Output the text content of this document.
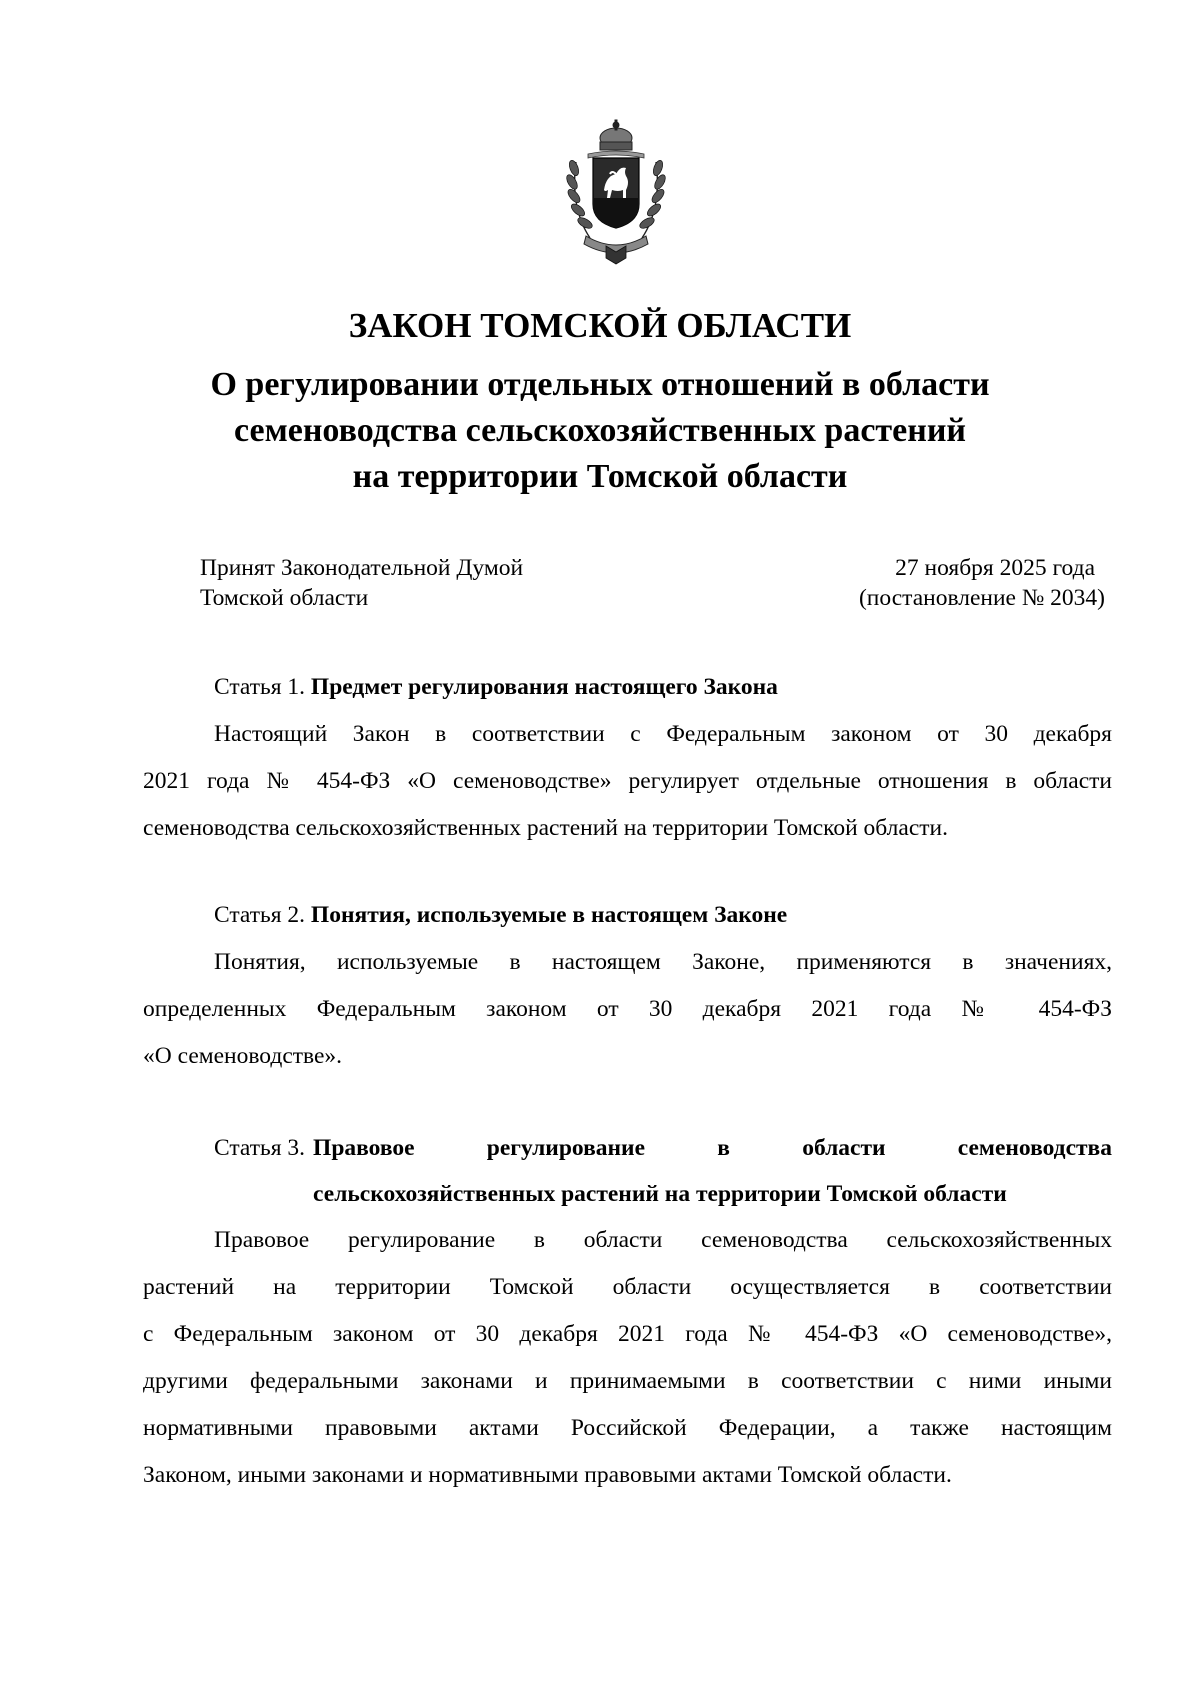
ЗАКОН ТОМСКОЙ ОБЛАСТИ
О регулировании отдельных отношений в области
семеноводства сельскохозяйственных растений
на территории Томской области
Принят Законодательной Думой
Томской области
27 ноября 2025 года
(постановление № 2034)
Статья 1. Предмет регулирования настоящего Закона
Настоящий Закон в соответствии с Федеральным законом от 30 декабря
2021 года № 454-ФЗ «О семеноводстве» регулирует отдельные отношения в области
семеноводства сельскохозяйственных растений на территории Томской области.
Статья 2. Понятия, используемые в настоящем Законе
Понятия, используемые в настоящем Законе, применяются в значениях,
определенных Федеральным законом от 30 декабря 2021 года № 454-ФЗ
«О семеноводстве».
Статья 3. Правовое регулирование в области семеноводства
сельскохозяйственных растений на территории Томской области
Правовое регулирование в области семеноводства сельскохозяйственных
растений на территории Томской области осуществляется в соответствии
с Федеральным законом от 30 декабря 2021 года № 454-ФЗ «О семеноводстве»,
другими федеральными законами и принимаемыми в соответствии с ними иными
нормативными правовыми актами Российской Федерации, а также настоящим
Законом, иными законами и нормативными правовыми актами Томской области.
